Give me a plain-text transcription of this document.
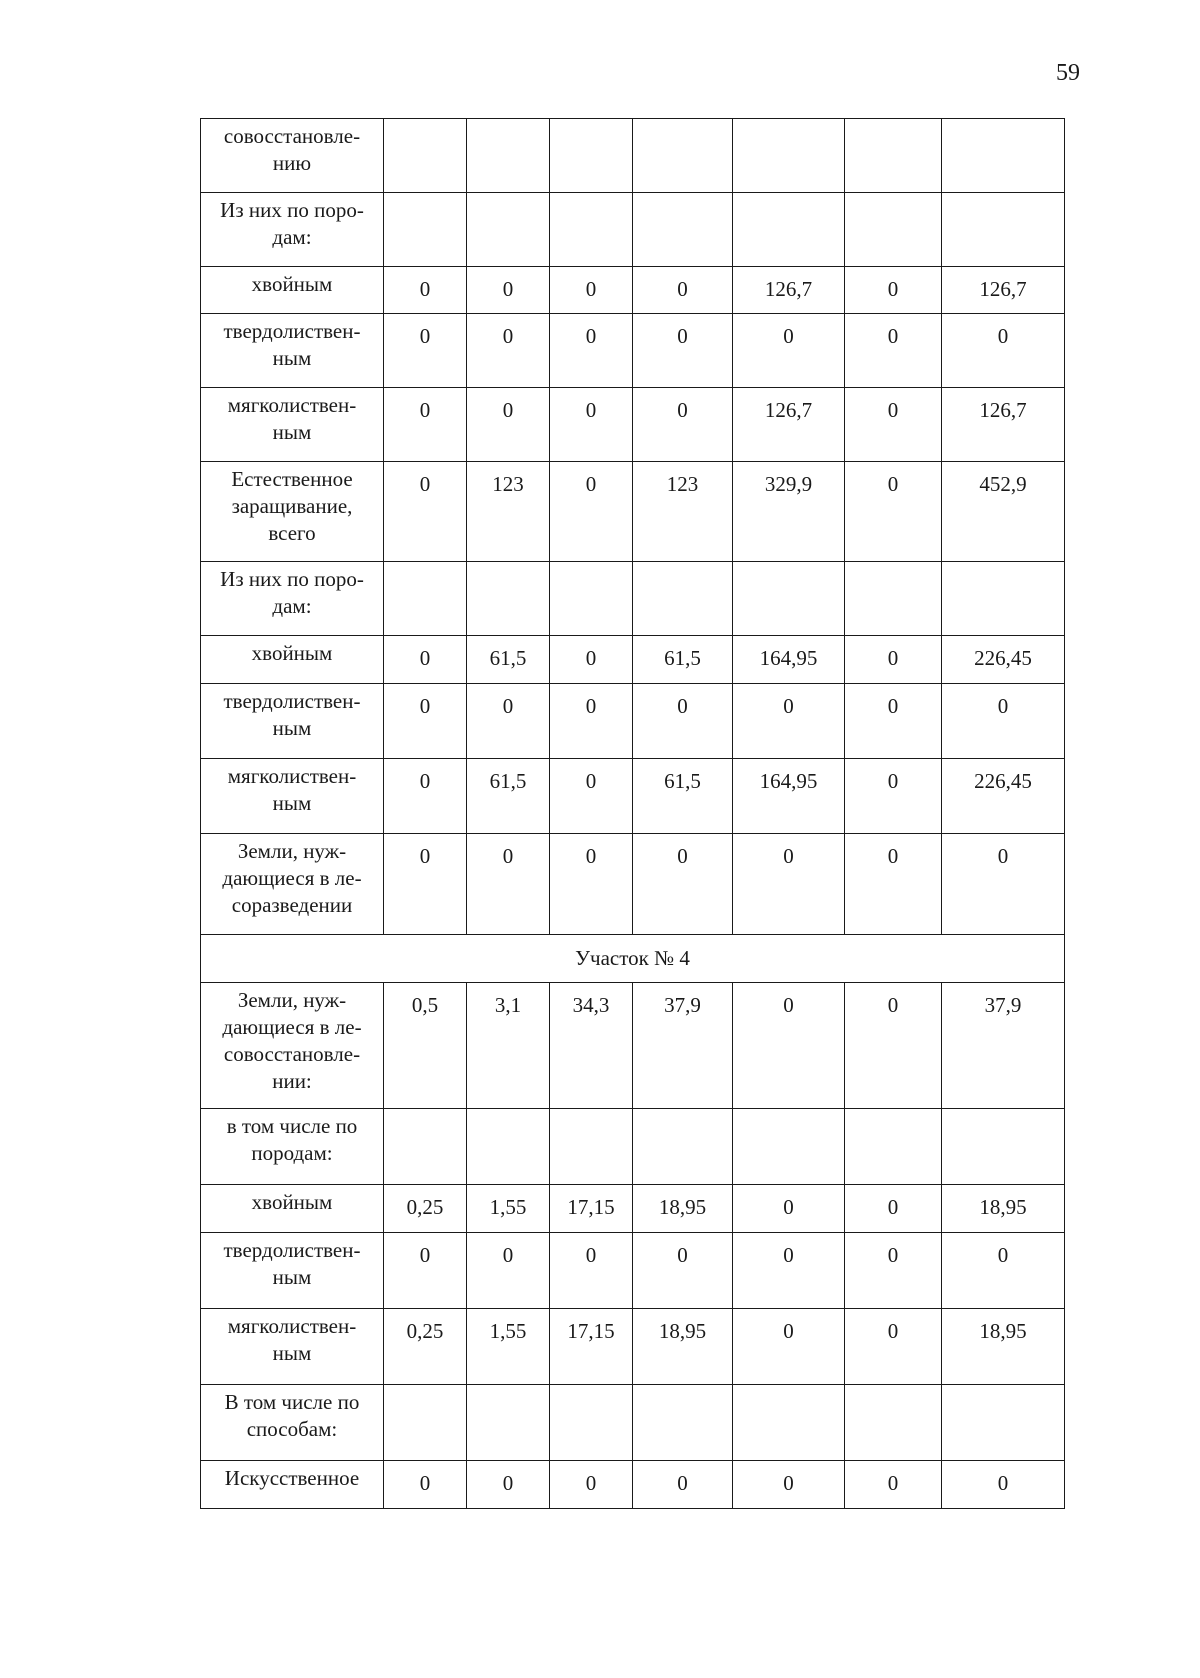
59
совосстановле-
нию							
Из них по поро-
дам:							
хвойным	0	0	0	0	126,7	0	126,7
твердолиствен-
ным	0	0	0	0	0	0	0
мягколиствен-
ным	0	0	0	0	126,7	0	126,7
Естественное
заращивание,
всего	0	123	0	123	329,9	0	452,9
Из них по поро-
дам:							
хвойным	0	61,5	0	61,5	164,95	0	226,45
твердолиствен-
ным	0	0	0	0	0	0	0
мягколиствен-
ным	0	61,5	0	61,5	164,95	0	226,45
Земли, нуж-
дающиеся в ле-
соразведении	0	0	0	0	0	0	0
Участок № 4							
Земли, нуж-
дающиеся в ле-
совосстановле-
нии:	0,5	3,1	34,3	37,9	0	0	37,9
в том числе по
породам:							
хвойным	0,25	1,55	17,15	18,95	0	0	18,95
твердолиствен-
ным	0	0	0	0	0	0	0
мягколиствен-
ным	0,25	1,55	17,15	18,95	0	0	18,95
В том числе по
способам:							
Искусственное	0	0	0	0	0	0	0
